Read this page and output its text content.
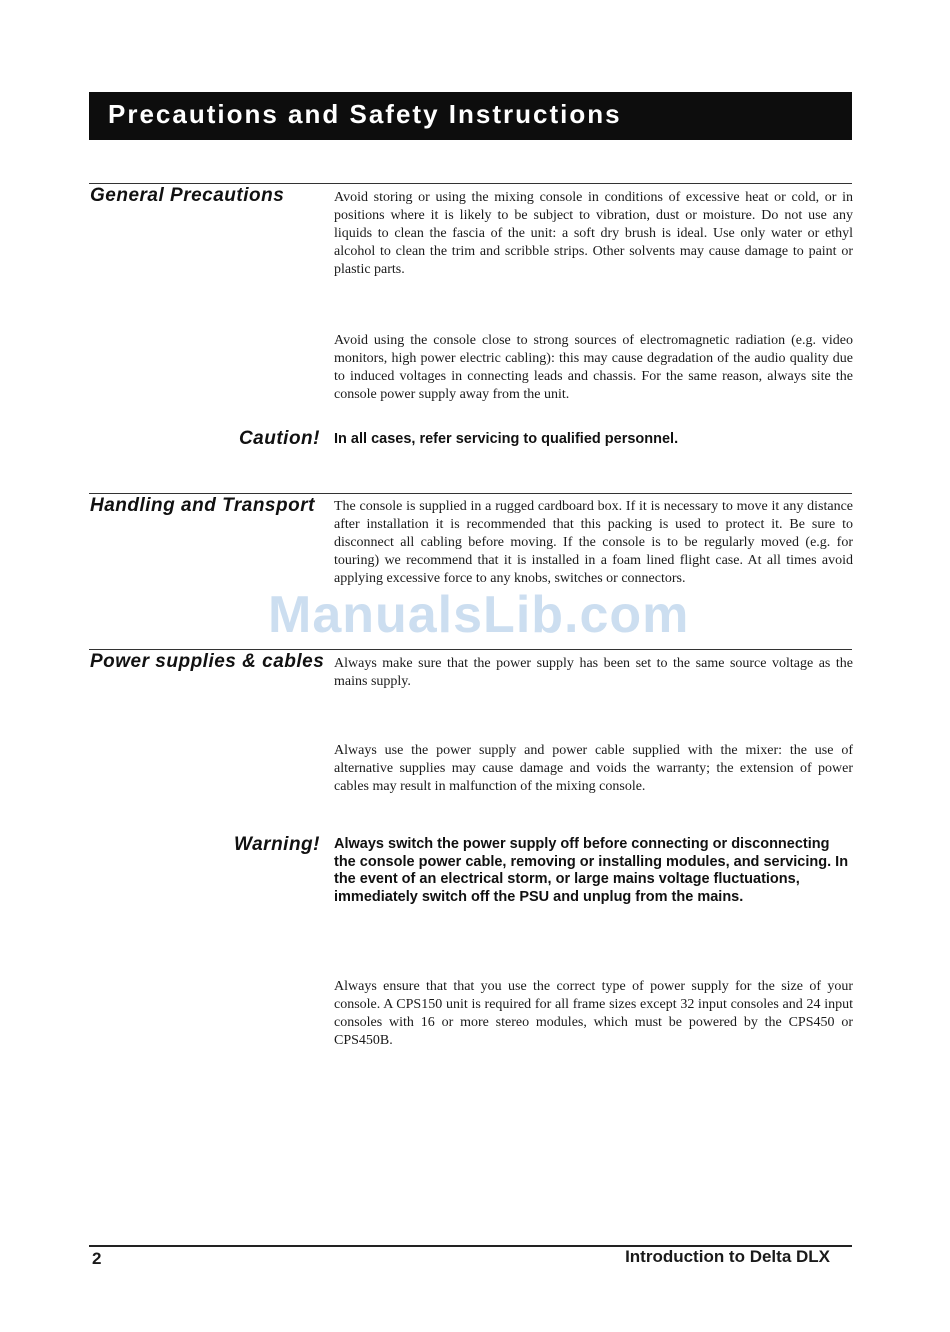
Precautions and Safety Instructions
General Precautions	Avoid storing or using the mixing console in conditions of excessive heat or cold, or in positions where it is likely to be subject to vibration, dust or moisture. Do not use any liquids to clean the fascia of the unit: a soft dry brush is ideal. Use only water or ethyl alcohol to clean the trim and scribble strips. Other solvents may cause damage to paint or plastic parts.
Avoid using the console close to strong sources of electromagnetic radiation (e.g. video monitors, high power electric cabling): this may cause degradation of the audio quality due to induced voltages in connecting leads and chassis. For the same reason, always site the console power supply away from the unit.
Caution! In all cases, refer servicing to qualified personnel.
Handling and Transport The console is supplied in a rugged cardboard box. If it is necessary to move it any distance after installation it is recommended that this packing is used to protect it. Be sure to disconnect all cabling before moving. If the console is to be regularly moved (e.g. for touring) we recommend that it is installed in a foam lined flight case. At all times avoid applying excessive force to any knobs, switches or connectors.
ManualsLib.com
Power supplies & cables Always make sure that the power supply has been set to the same source voltage as the mains supply.
Always use the power supply and power cable supplied with the mixer: the use of alternative supplies may cause damage and voids the warranty; the extension of power cables may result in malfunction of the mixing console.
Warning! Always switch the power supply off before connecting or disconnecting the console power cable, removing or installing modules, and servicing. In the event of an electrical storm, or large mains voltage fluctuations, immediately switch off the PSU and unplug from the mains.
Always ensure that that you use the correct type of power supply for the size of your console. A CPS150 unit is required for all frame sizes except 32 input consoles and 24 input consoles with 16 or more stereo modules, which must be powered by the CPS450 or CPS450B.
2	Introduction to Delta DLX
